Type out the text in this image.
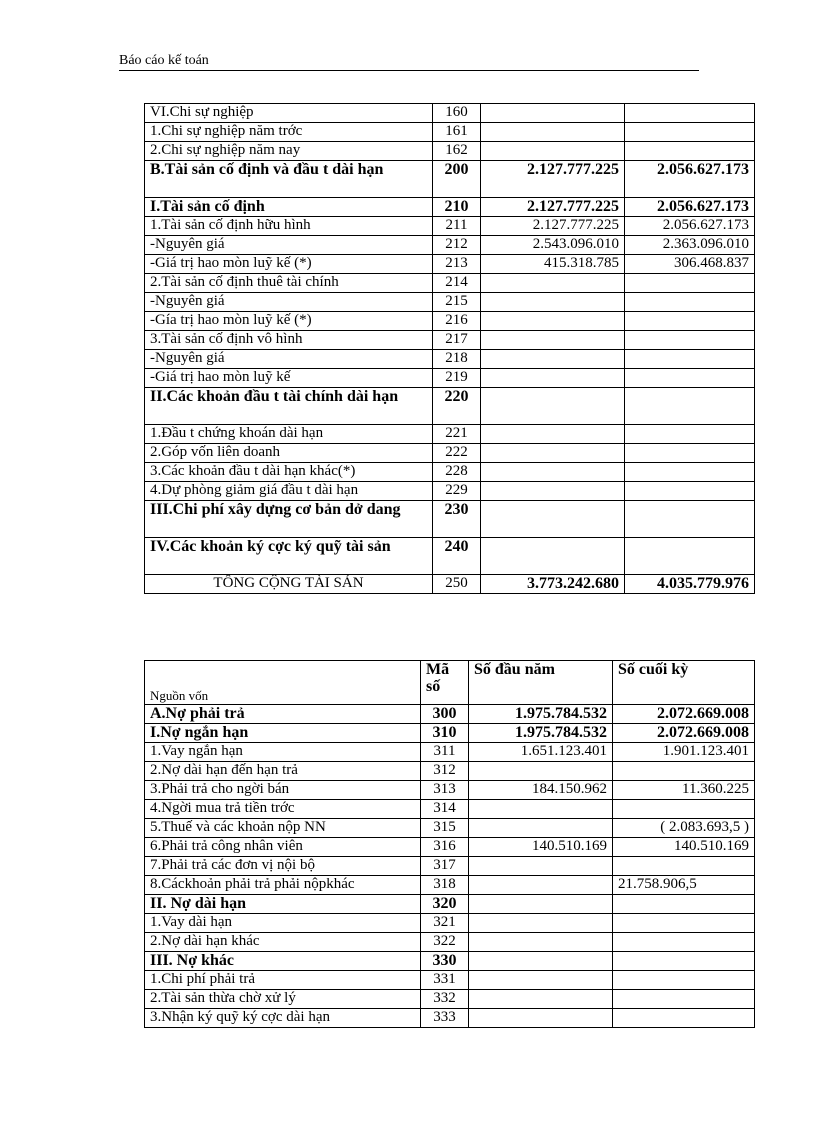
Báo cáo kế toán
VI.Chi sự nghiệp	160		
1.Chi sự nghiệp năm trớc	161		
2.Chi sự nghiệp năm nay	162		
B.Tài sản cố định và đầu t dài hạn	200	2.127.777.225	2.056.627.173
I.Tài sản cố định	210	2.127.777.225	2.056.627.173
1.Tài sản cố định hữu hình	211	2.127.777.225	2.056.627.173
-Nguyên giá	212	2.543.096.010	2.363.096.010
-Giá trị hao mòn luỹ kế (*)	213	415.318.785	306.468.837
2.Tài sản cố định thuê tài chính	214		
-Nguyên giá	215		
-Gía trị hao mòn luỹ kế (*)	216		
3.Tài sản cố định vô hình	217		
-Nguyên giá	218		
-Giá trị hao mòn luỹ kế	219		
II.Các khoản đầu t tài chính dài hạn	220		
1.Đầu t chứng khoán dài hạn	221		
2.Góp vốn liên doanh	222		
3.Các khoản đầu t dài hạn khác(*)	228		
4.Dự phòng giảm giá đầu t dài hạn	229		
III.Chi phí xây dựng cơ bản dở dang	230		
IV.Các khoản ký cợc ký quỹ tài sản	240		
TỔNG CỘNG TÀI SẢN	250	3.773.242.680	4.035.779.976
Nguồn vốn	Mã số	Số đầu năm	Số cuối kỳ
A.Nợ phải trả	300	1.975.784.532	2.072.669.008
I.Nợ ngắn hạn	310	1.975.784.532	2.072.669.008
1.Vay ngắn hạn	311	1.651.123.401	1.901.123.401
2.Nợ dài hạn đến hạn trả	312		
3.Phải trả cho ngời bán	313	184.150.962	11.360.225
4.Ngời mua trả tiền trớc	314		
5.Thuế và các khoản nộp NN	315		( 2.083.693,5 )
6.Phải trả công nhân viên	316	140.510.169	140.510.169
7.Phải trả các đơn vị nội bộ	317		
8.Cáckhoản phải trả phải nộpkhác	318		21.758.906,5
II. Nợ dài hạn	320		
1.Vay dài hạn	321		
2.Nợ dài hạn khác	322		
III. Nợ khác	330		
1.Chi phí phải trả	331		
2.Tài sản thừa chờ xử lý	332		
3.Nhận ký quỹ ký cợc dài hạn	333		
